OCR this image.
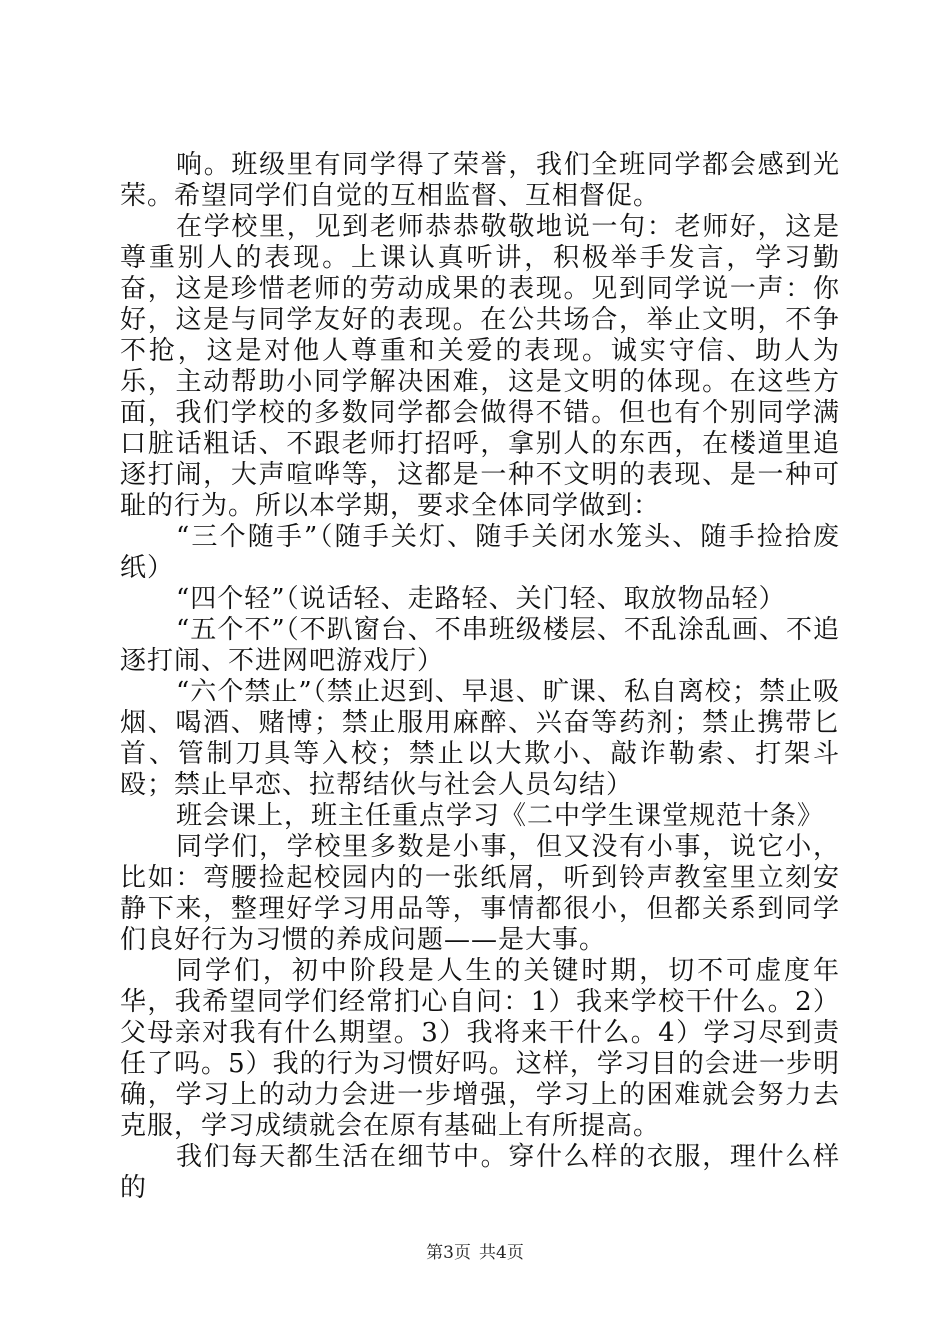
响。班级里有同学得了荣誉，我们全班同学都会感到光荣。希望同学们自觉的互相监督、互相督促。

在学校里，见到老师恭恭敬敬地说一句：老师好，这是尊重别人的表现。上课认真听讲，积极举手发言，学习勤奋，这是珍惜老师的劳动成果的表现。见到同学说一声：你好，这是与同学友好的表现。在公共场合，举止文明，不争不抢，这是对他人尊重和关爱的表现。诚实守信、助人为乐，主动帮助小同学解决困难，这是文明的体现。在这些方面，我们学校的多数同学都会做得不错。但也有个别同学满口脏话粗话、不跟老师打招呼，拿别人的东西，在楼道里追逐打闹，大声喧哗等，这都是一种不文明的表现、是一种可耻的行为。所以本学期，要求全体同学做到：

“三个随手”（随手关灯、随手关闭水笼头、随手捡拾废纸）

“四个轻”（说话轻、走路轻、关门轻、取放物品轻）

“五个不”（不趴窗台、不串班级楼层、不乱涂乱画、不追逐打闹、不进网吧游戏厅）

“六个禁止”（禁止迟到、早退、旷课、私自离校；禁止吸烟、喝酒、赌博；禁止服用麻醉、兴奋等药剂；禁止携带匕首、管制刀具等入校；禁止以大欺小、敲诈勒索、打架斗殴；禁止早恋、拉帮结伙与社会人员勾结）

班会课上，班主任重点学习《二中学生课堂规范十条》

同学们，学校里多数是小事，但又没有小事，说它小，比如：弯腰捡起校园内的一张纸屑，听到铃声教室里立刻安静下来，整理好学习用品等，事情都很小，但都关系到同学们良好行为习惯的养成问题——是大事。

同学们，初中阶段是人生的关键时期，切不可虚度年华，我希望同学们经常扪心自问：1）我来学校干什么。2）父母亲对我有什么期望。3）我将来干什么。4）学习尽到责任了吗。5）我的行为习惯好吗。这样，学习目的会进一步明确，学习上的动力会进一步增强，学习上的困难就会努力去克服，学习成绩就会在原有基础上有所提高。

我们每天都生活在细节中。穿什么样的衣服，理什么样的

第3页 共4页
